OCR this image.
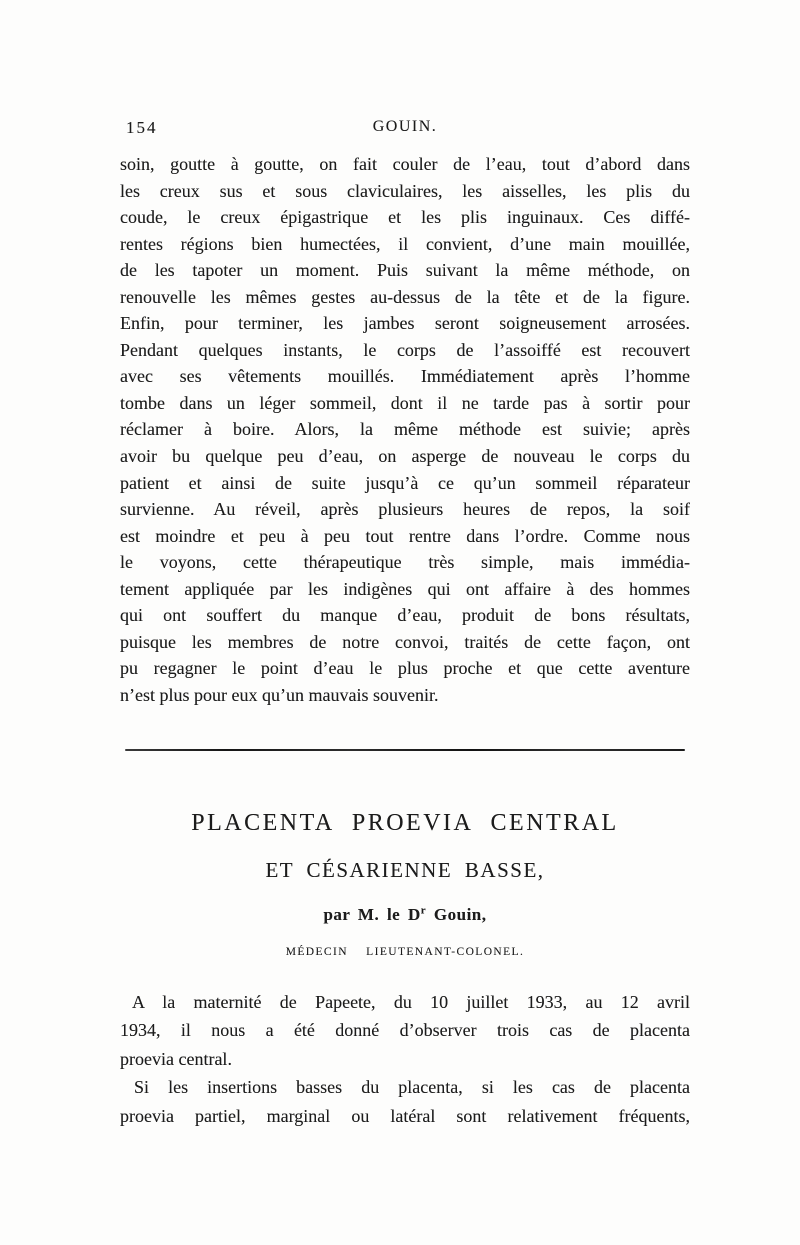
154	GOUIN.
soin, goutte à goutte, on fait couler de l’eau, tout d’abord dans
les creux sus et sous claviculaires, les aisselles, les plis du
coude, le creux épigastrique et les plis inguinaux. Ces diffé-
rentes régions bien humectées, il convient, d’une main mouillée,
de les tapoter un moment. Puis suivant la même méthode, on
renouvelle les mêmes gestes au-dessus de la tête et de la figure.
Enfin, pour terminer, les jambes seront soigneusement arrosées.
Pendant quelques instants, le corps de l’assoiffé est recouvert
avec ses vêtements mouillés. Immédiatement après l’homme
tombe dans un léger sommeil, dont il ne tarde pas à sortir pour
réclamer à boire. Alors, la même méthode est suivie; après
avoir bu quelque peu d’eau, on asperge de nouveau le corps du
patient et ainsi de suite jusqu’à ce qu’un sommeil réparateur
survienne. Au réveil, après plusieurs heures de repos, la soif
est moindre et peu à peu tout rentre dans l’ordre. Comme nous
le voyons, cette thérapeutique très simple, mais immédia-
tement appliquée par les indigènes qui ont affaire à des hommes
qui ont souffert du manque d’eau, produit de bons résultats,
puisque les membres de notre convoi, traités de cette façon, ont
pu regagner le point d’eau le plus proche et que cette aventure
n’est plus pour eux qu’un mauvais souvenir.
PLACENTA PROEVIA CENTRAL
ET CÉSARIENNE BASSE,
par M. le $D^r$ Gouin,
MÉDECIN LIEUTENANT-COLONEL.
A la maternité de Papeete, du 10 juillet 1933, au 12 avril
1934, il nous a été donné d’observer trois cas de placenta
proevia central.
Si les insertions basses du placenta, si les cas de placenta
proevia partiel, marginal ou latéral sont relativement fréquents,
